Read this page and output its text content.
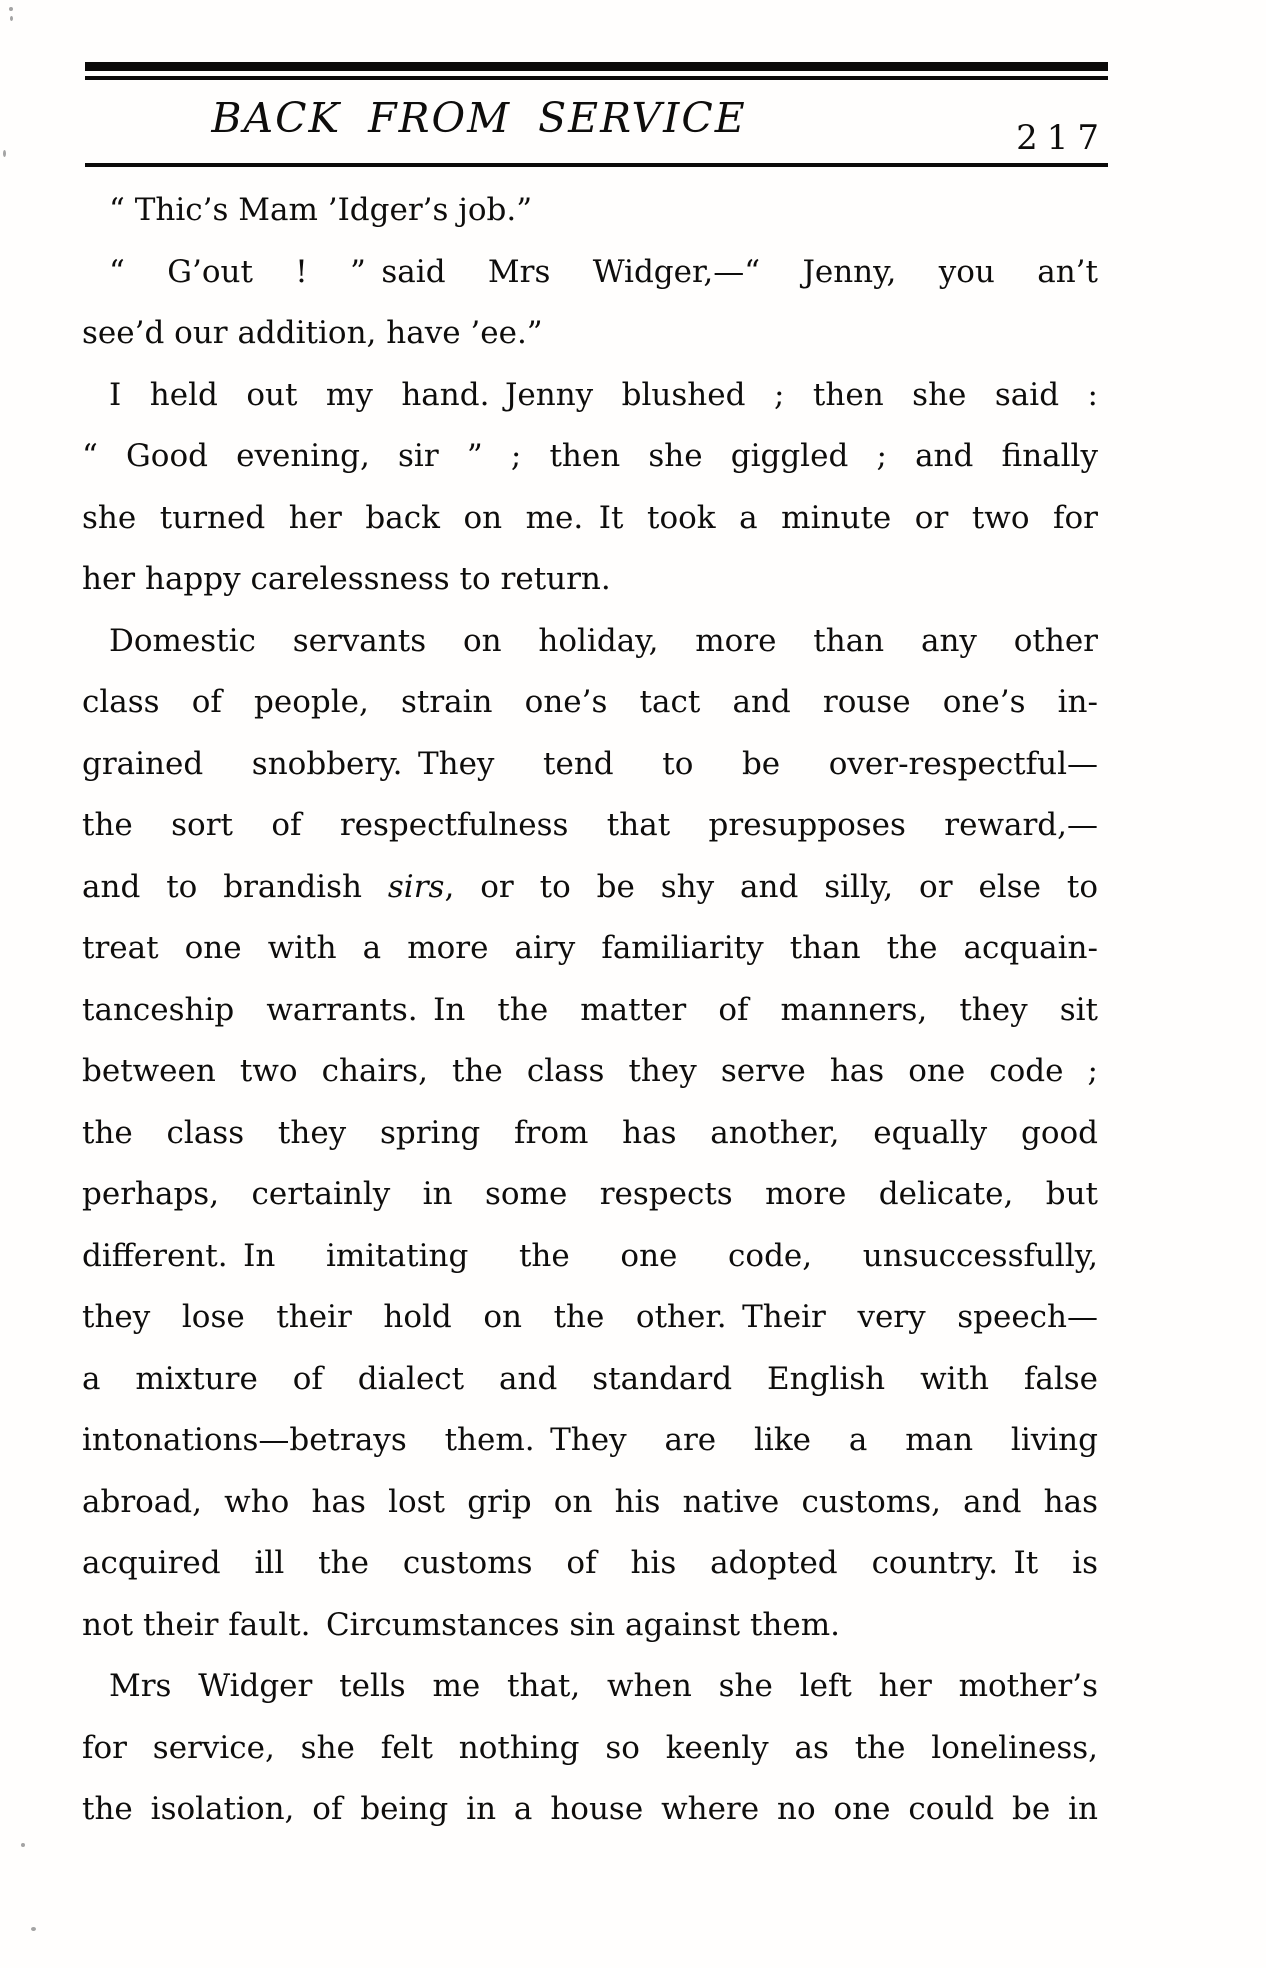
BACK FROM SERVICE	217
“ Thic’s Mam ’Idger’s job.”
“ G’out ! ” said Mrs Widger,—“ Jenny, you an’t
see’d our addition, have ’ee.”
I held out my hand. Jenny blushed ; then she said :
“ Good evening, sir ” ; then she giggled ; and finally
she turned her back on me. It took a minute or two for
her happy carelessness to return.
Domestic servants on holiday, more than any other
class of people, strain one’s tact and rouse one’s in-
grained snobbery. They tend to be over-respectful—
the sort of respectfulness that presupposes reward,—
and to brandish sirs, or to be shy and silly, or else to
treat one with a more airy familiarity than the acquain-
tanceship warrants. In the matter of manners, they sit
between two chairs, the class they serve has one code ;
the class they spring from has another, equally good
perhaps, certainly in some respects more delicate, but
different. In imitating the one code, unsuccessfully,
they lose their hold on the other. Their very speech—
a mixture of dialect and standard English with false
intonations—betrays them. They are like a man living
abroad, who has lost grip on his native customs, and has
acquired ill the customs of his adopted country. It is
not their fault. Circumstances sin against them.
Mrs Widger tells me that, when she left her mother’s
for service, she felt nothing so keenly as the loneliness,
the isolation, of being in a house where no one could be in
